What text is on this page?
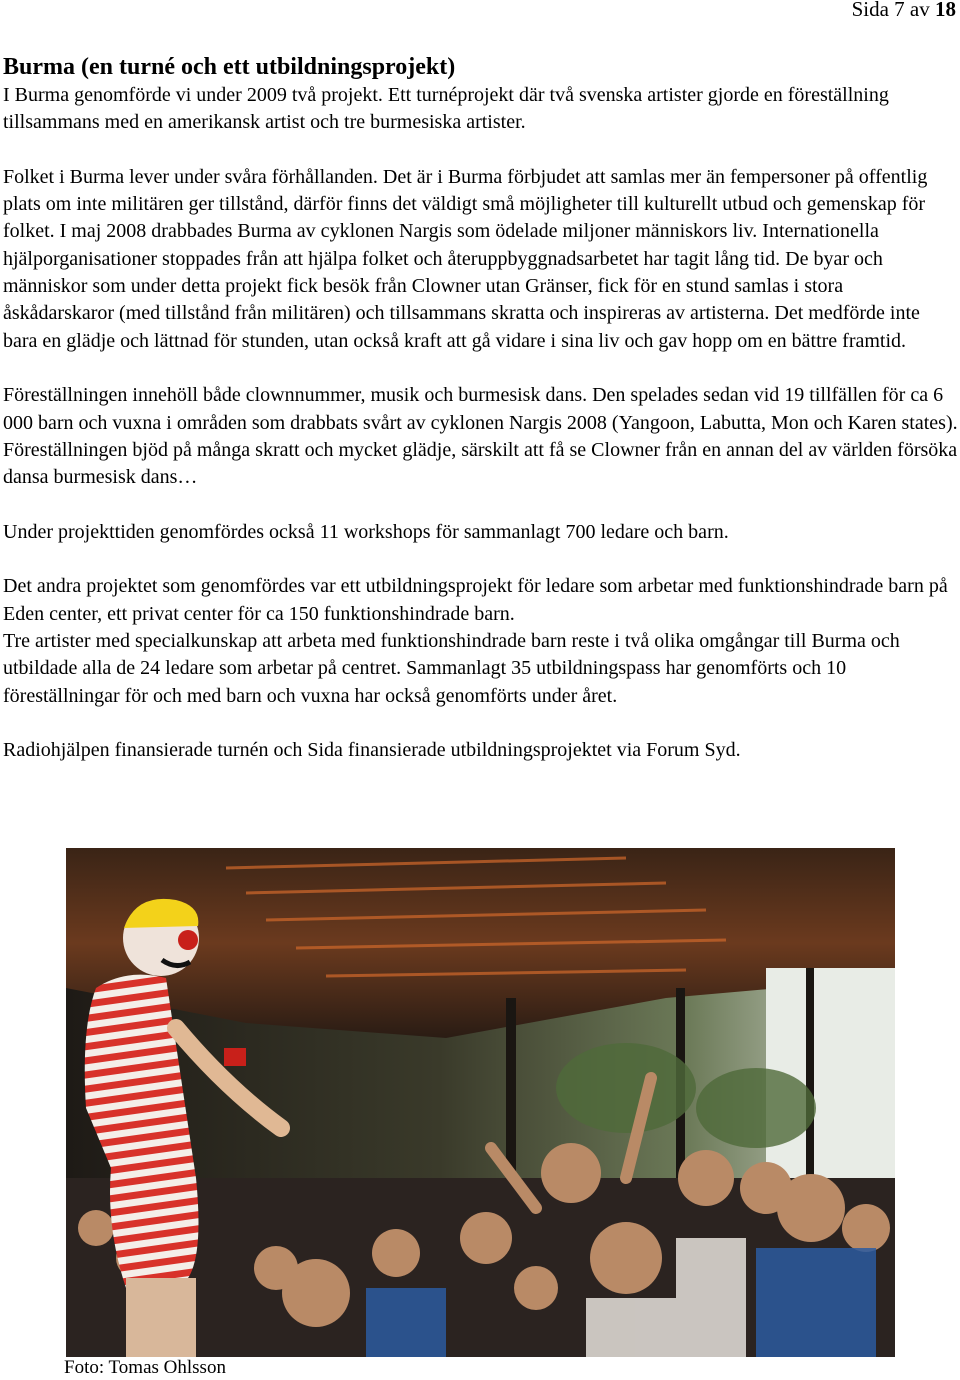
Sida 7 av 18
Burma (en turné och ett utbildningsprojekt)

I Burma genomförde vi under 2009 två projekt. Ett turnéprojekt där två svenska artister gjorde en föreställning tillsammans med en amerikansk artist och tre burmesiska artister.

Folket i Burma lever under svåra förhållanden. Det är i Burma förbjudet att samlas mer än fempersoner på offentlig plats om inte militären ger tillstånd, därför finns det väldigt små möjligheter till kulturellt utbud och gemenskap för folket. I maj 2008 drabbades Burma av cyklonen Nargis som ödelade miljoner människors liv. Internationella hjälporganisationer stoppades från att hjälpa folket och återuppbyggnadsarbetet har tagit lång tid. De byar och människor som under detta projekt fick besök från Clowner utan Gränser, fick för en stund samlas i stora åskådarskaror (med tillstånd från militären) och tillsammans skratta och inspireras av artisterna. Det medförde inte bara en glädje och lättnad för stunden, utan också kraft att gå vidare i sina liv och gav hopp om en bättre framtid.

Föreställningen innehöll både clownnummer, musik och burmesisk dans. Den spelades sedan vid 19 tillfällen för ca 6 000 barn och vuxna i områden som drabbats svårt av cyklonen Nargis 2008 (Yangoon, Labutta, Mon och Karen states). Föreställningen bjöd på många skratt och mycket glädje, särskilt att få se Clowner från en annan del av världen försöka dansa burmesisk dans…

Under projekttiden genomfördes också 11 workshops för sammanlagt 700 ledare och barn.

Det andra projektet som genomfördes var ett utbildningsprojekt för ledare som arbetar med funktionshindrade barn på Eden center, ett privat center för ca 150 funktionshindrade barn.

Tre artister med specialkunskap att arbeta med funktionshindrade barn reste i två olika omgångar till Burma och utbildade alla de 24 ledare som arbetar på centret. Sammanlagt 35 utbildningspass har genomförts och 10 föreställningar för och med barn och vuxna har också genomförts under året.

Radiohjälpen finansierade turnén och Sida finansierade utbildningsprojektet via Forum Syd.

Foto: Tomas Ohlsson
